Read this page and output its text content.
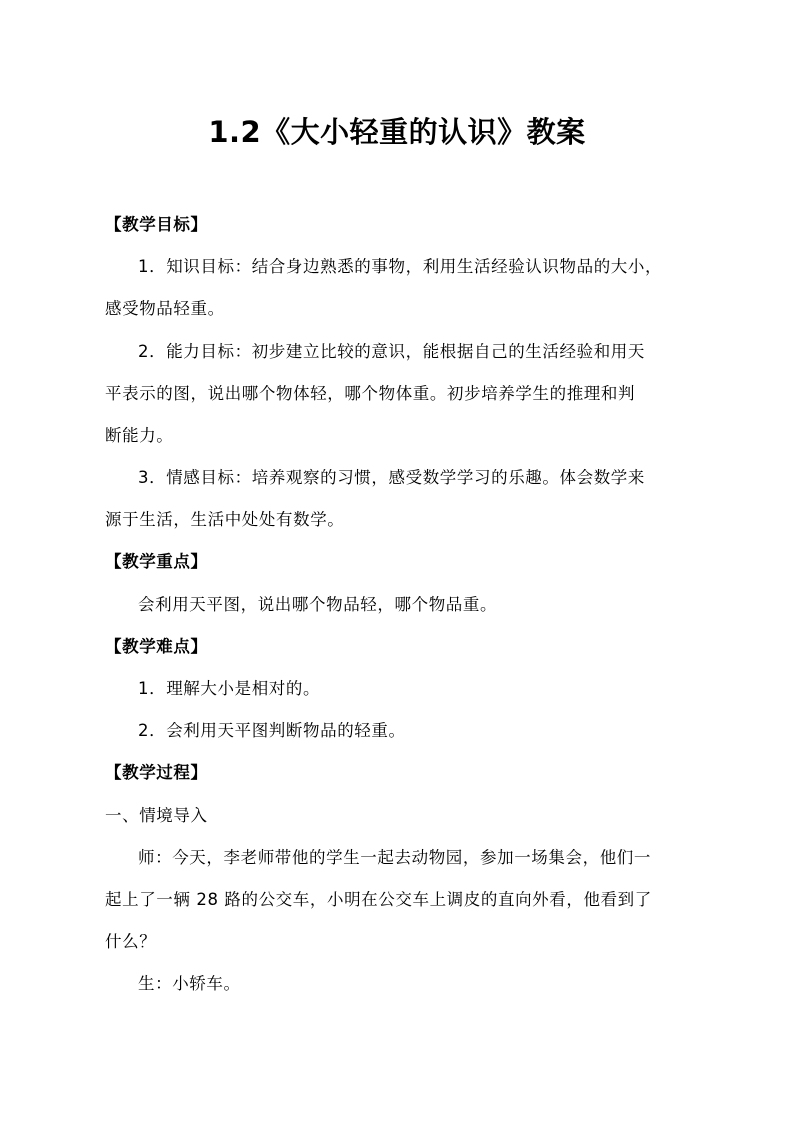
1.2《大小轻重的认识》教案
【教学目标】
1．知识目标：结合身边熟悉的事物，利用生活经验认识物品的大小，
感受物品轻重。
2．能力目标：初步建立比较的意识，能根据自己的生活经验和用天
平表示的图，说出哪个物体轻，哪个物体重。初步培养学生的推理和判
断能力。
3．情感目标：培养观察的习惯，感受数学学习的乐趣。体会数学来
源于生活，生活中处处有数学。
【教学重点】
会利用天平图，说出哪个物品轻，哪个物品重。
【教学难点】
1．理解大小是相对的。
2．会利用天平图判断物品的轻重。
【教学过程】
一、情境导入
师：今天，李老师带他的学生一起去动物园，参加一场集会，他们一
起上了一辆 28 路的公交车，小明在公交车上调皮的直向外看，他看到了
什么？
生：小轿车。
